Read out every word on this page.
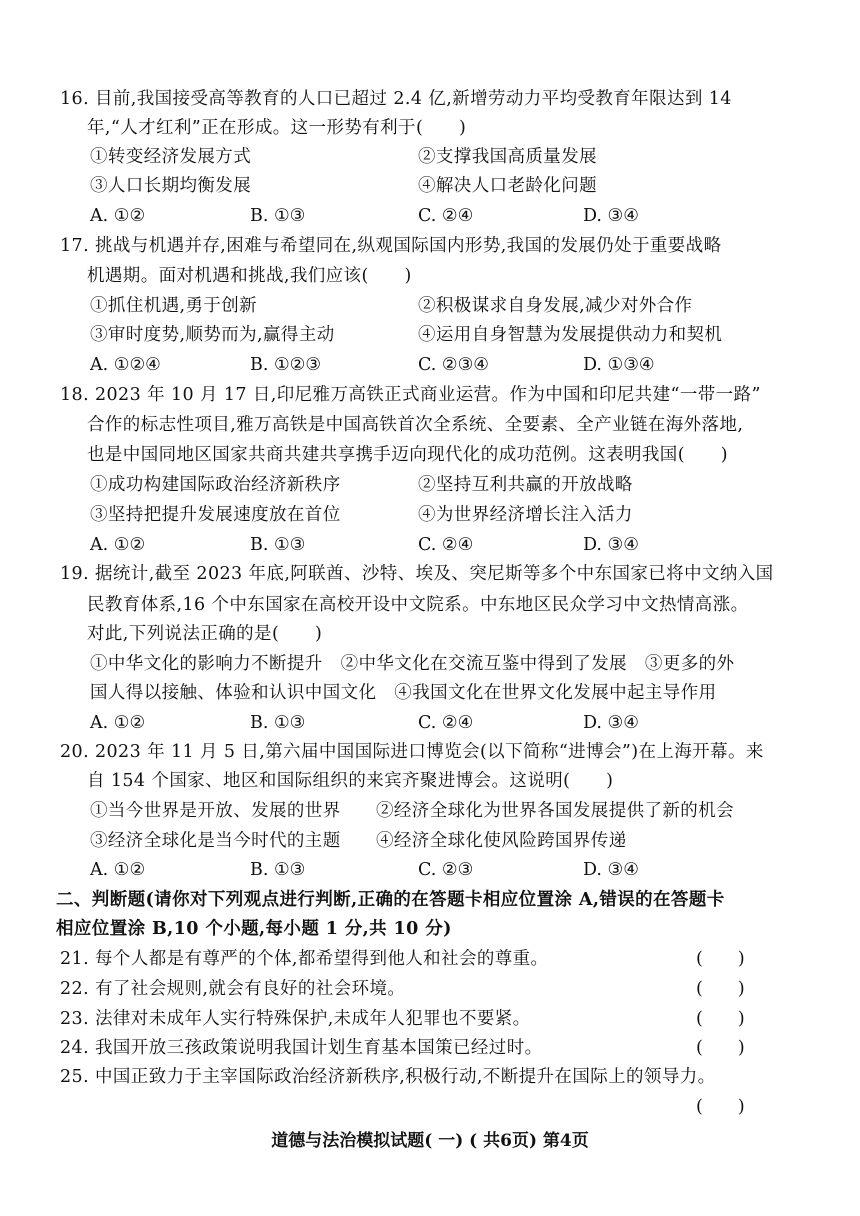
16. 目前,我国接受高等教育的人口已超过 2.4 亿,新增劳动力平均受教育年限达到 14
年,“人才红利”正在形成。这一形势有利于(　　)
①转变经济发展方式	②支撑我国高质量发展
③人口长期均衡发展	④解决人口老龄化问题
A. ①②	B. ①③	C. ②④	D. ③④
17. 挑战与机遇并存,困难与希望同在,纵观国际国内形势,我国的发展仍处于重要战略
机遇期。面对机遇和挑战,我们应该(　　)
①抓住机遇,勇于创新	②积极谋求自身发展,减少对外合作
③审时度势,顺势而为,赢得主动	④运用自身智慧为发展提供动力和契机
A. ①②④	B. ①②③	C. ②③④	D. ①③④
18. 2023 年 10 月 17 日,印尼雅万高铁正式商业运营。作为中国和印尼共建“一带一路”
合作的标志性项目,雅万高铁是中国高铁首次全系统、全要素、全产业链在海外落地,
也是中国同地区国家共商共建共享携手迈向现代化的成功范例。这表明我国(　　)
①成功构建国际政治经济新秩序	②坚持互利共赢的开放战略
③坚持把提升发展速度放在首位	④为世界经济增长注入活力
A. ①②	B. ①③	C. ②④	D. ③④
19. 据统计,截至 2023 年底,阿联酋、沙特、埃及、突尼斯等多个中东国家已将中文纳入国
民教育体系,16 个中东国家在高校开设中文院系。中东地区民众学习中文热情高涨。
对此,下列说法正确的是(　　)
①中华文化的影响力不断提升　②中华文化在交流互鉴中得到了发展　③更多的外
国人得以接触、体验和认识中国文化　④我国文化在世界文化发展中起主导作用
A. ①②	B. ①③	C. ②④	D. ③④
20. 2023 年 11 月 5 日,第六届中国国际进口博览会(以下简称“进博会”)在上海开幕。来
自 154 个国家、地区和国际组织的来宾齐聚进博会。这说明(　　)
①当今世界是开放、发展的世界 ②经济全球化为世界各国发展提供了新的机会
③经济全球化是当今时代的主题 ④经济全球化使风险跨国界传递
A. ①②	B. ①③	C. ②③	D. ③④
二、判断题(请你对下列观点进行判断,正确的在答题卡相应位置涂 A,错误的在答题卡
相应位置涂 B,10 个小题,每小题 1 分,共 10 分)
21. 每个人都是有尊严的个体,都希望得到他人和社会的尊重。	(　　)
22. 有了社会规则,就会有良好的社会环境。	(　　)
23. 法律对未成年人实行特殊保护,未成年人犯罪也不要紧。	(　　)
24. 我国开放三孩政策说明我国计划生育基本国策已经过时。	(　　)
25. 中国正致力于主宰国际政治经济新秩序,积极行动,不断提升在国际上的领导力。
(　　)
道德与法治模拟试题( 一) ( 共6页) 第4页
